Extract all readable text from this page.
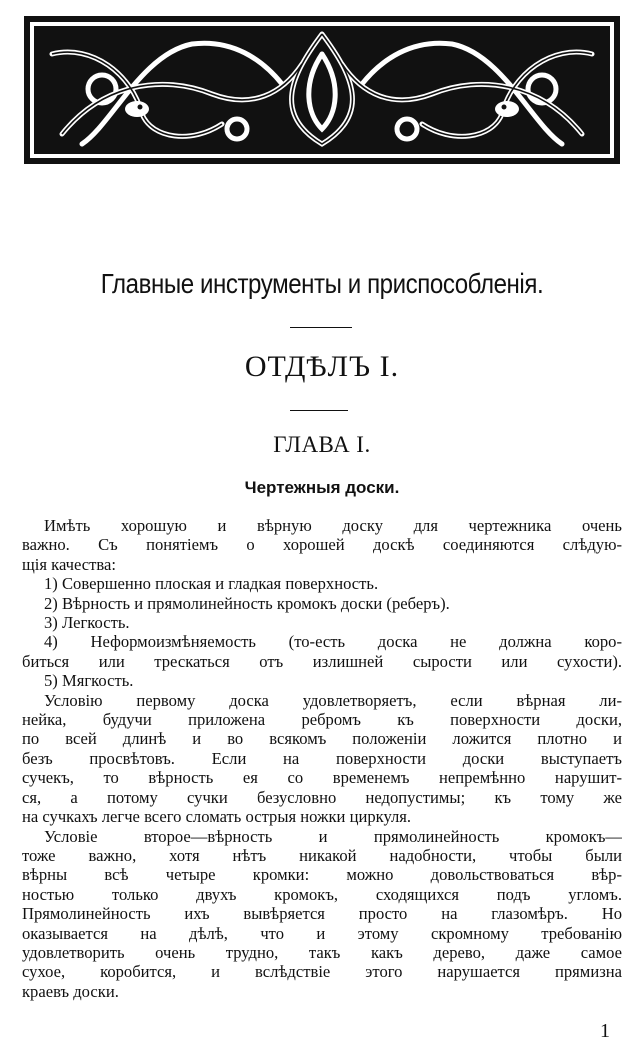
Главные инструменты и приспособленія.
ОТДѢЛЪ I.
ГЛАВА I.
Чертежныя доски.
Имѣть хорошую и вѣрную доску для чертежника очень
важно. Съ понятіемъ о хорошей доскѣ соединяются слѣдую-
щія качества:
1) Совершенно плоская и гладкая поверхность.
2) Вѣрность и прямолинейность кромокъ доски (реберъ).
3) Легкость.
4) Неформоизмѣняемость (то-есть доска не должна коро-
биться или трескаться отъ излишней сырости или сухости).
5) Мягкость.
Условію первому доска удовлетворяетъ, если вѣрная ли-
нейка, будучи приложена ребромъ къ поверхности доски,
по всей длинѣ и во всякомъ положеніи ложится плотно и
безъ просвѣтовъ. Если на поверхности доски выступаетъ
сучекъ, то вѣрность ея со временемъ непремѣнно нарушит-
ся, а потому сучки безусловно недопустимы; къ тому же
на сучкахъ легче всего сломать острыя ножки циркуля.
Условіе второе—вѣрность и прямолинейность кромокъ—
тоже важно, хотя нѣтъ никакой надобности, чтобы были
вѣрны всѣ четыре кромки: можно довольствоваться вѣр-
ностью только двухъ кромокъ, сходящихся подъ угломъ.
Прямолинейность ихъ вывѣряется просто на глазомѣръ. Но
оказывается на дѣлѣ, что и этому скромному требованію
удовлетворить очень трудно, такъ какъ дерево, даже самое
сухое, коробится, и вслѣдствіе этого нарушается прямизна
краевъ доски.
1
